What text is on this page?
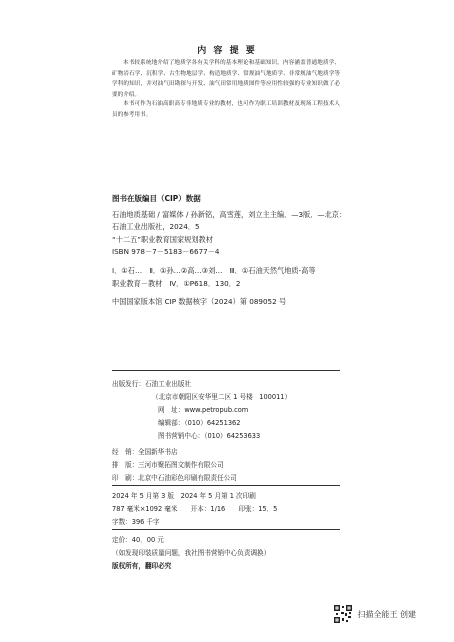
内 容 提 要
本书较系统地介绍了地质学各有关学科的基本理论和基础知识。内容涵盖普通地质学、矿物岩石学、沉积学、古生物地层学、构造地质学、常规油气地质学、非常规油气地质学等学科的知识，并对油气田勘探与开发、油气田常用地质图件等应用性较强的专业知识做了必要的介绍。
本书可作为石油高职高专非地质专业的教材，也可作为职工培训教材及现场工程技术人员的参考用书。
图书在版编目（CIP）数据
石油地质基础 ∕ 富媒体 ∕ 孙新铭，高雪莲，刘立主主编．—3版．—北京：
石油工业出版社，2024．5
“十二五”职业教育国家规划教材
ISBN 978－7－5183－6677－4
Ⅰ．①石…　Ⅱ．①孙…②高…③刘…　Ⅲ．①石油天然气地质-高等
职业教育－教材　Ⅳ．①P618．130．2
中国国家版本馆 CIP 数据核字（2024）第 089052 号
出版发行：石油工业出版社
（北京市朝阳区安华里二区 1 号楼　100011）
网　址：www.petropub.com
编辑部：（010）64251362
图书营销中心：（010）64253633
经　销：全国新华书店
排　版：三河市聚拓图文制作有限公司
印　刷：北京中石油彩色印刷有限责任公司
2024 年 5 月第 3 版　2024 年 5 月第 1 次印刷
787 毫米×1092 毫米　　开本：1∕16　　印张：15．5
字数：396 千字
定价：40．00 元
（如发现印装质量问题，我社图书营销中心负责调换）
版权所有，翻印必究
扫描全能王 创建
